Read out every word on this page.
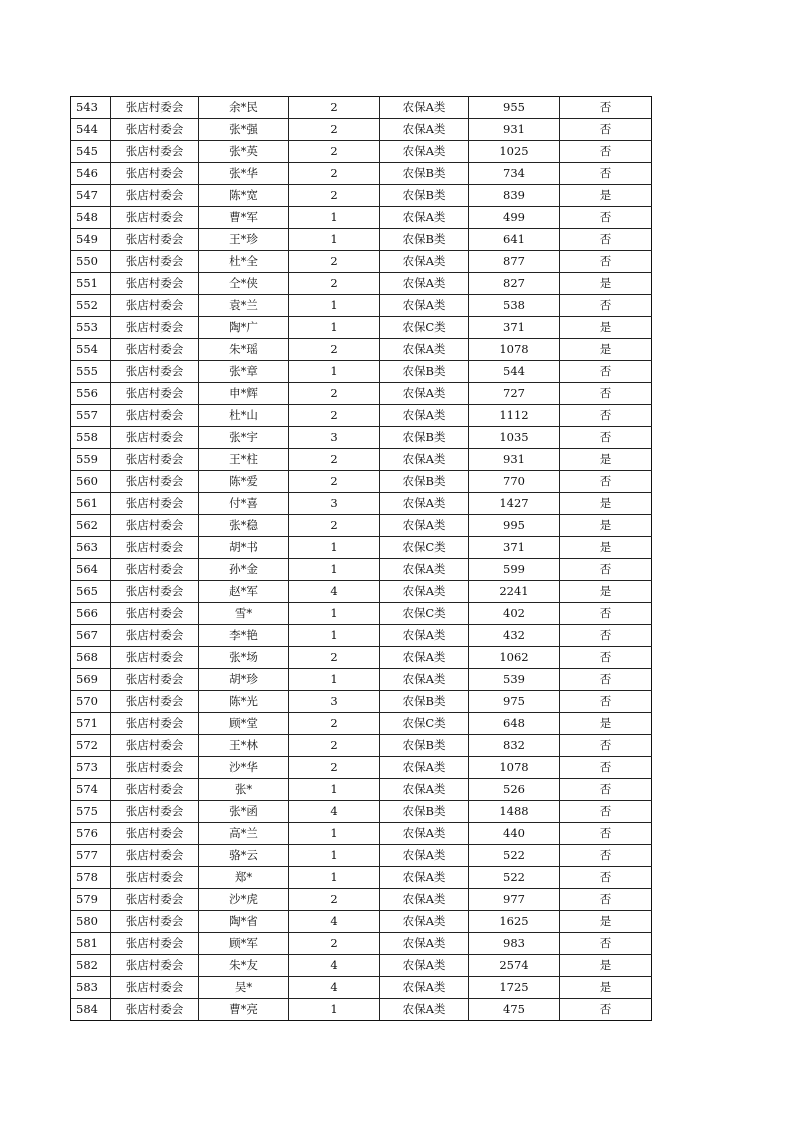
543	张店村委会	余*民	2	农保A类	955	否
544	张店村委会	张*强	2	农保A类	931	否
545	张店村委会	张*英	2	农保A类	1025	否
546	张店村委会	张*华	2	农保B类	734	否
547	张店村委会	陈*宽	2	农保B类	839	是
548	张店村委会	曹*军	1	农保A类	499	否
549	张店村委会	王*珍	1	农保B类	641	否
550	张店村委会	杜*全	2	农保A类	877	否
551	张店村委会	仝*侠	2	农保A类	827	是
552	张店村委会	袁*兰	1	农保A类	538	否
553	张店村委会	陶*广	1	农保C类	371	是
554	张店村委会	朱*瑶	2	农保A类	1078	是
555	张店村委会	张*章	1	农保B类	544	否
556	张店村委会	申*辉	2	农保A类	727	否
557	张店村委会	杜*山	2	农保A类	1112	否
558	张店村委会	张*宇	3	农保B类	1035	否
559	张店村委会	王*柱	2	农保A类	931	是
560	张店村委会	陈*爱	2	农保B类	770	否
561	张店村委会	付*喜	3	农保A类	1427	是
562	张店村委会	张*稳	2	农保A类	995	是
563	张店村委会	胡*书	1	农保C类	371	是
564	张店村委会	孙*金	1	农保A类	599	否
565	张店村委会	赵*军	4	农保A类	2241	是
566	张店村委会	雪*	1	农保C类	402	否
567	张店村委会	李*艳	1	农保A类	432	否
568	张店村委会	张*场	2	农保A类	1062	否
569	张店村委会	胡*珍	1	农保A类	539	否
570	张店村委会	陈*光	3	农保B类	975	否
571	张店村委会	顾*堂	2	农保C类	648	是
572	张店村委会	王*林	2	农保B类	832	否
573	张店村委会	沙*华	2	农保A类	1078	否
574	张店村委会	张*	1	农保A类	526	否
575	张店村委会	张*函	4	农保B类	1488	否
576	张店村委会	高*兰	1	农保A类	440	否
577	张店村委会	骆*云	1	农保A类	522	否
578	张店村委会	郑*	1	农保A类	522	否
579	张店村委会	沙*虎	2	农保A类	977	否
580	张店村委会	陶*省	4	农保A类	1625	是
581	张店村委会	顾*军	2	农保A类	983	否
582	张店村委会	朱*友	4	农保A类	2574	是
583	张店村委会	吴*	4	农保A类	1725	是
584	张店村委会	曹*亮	1	农保A类	475	否
